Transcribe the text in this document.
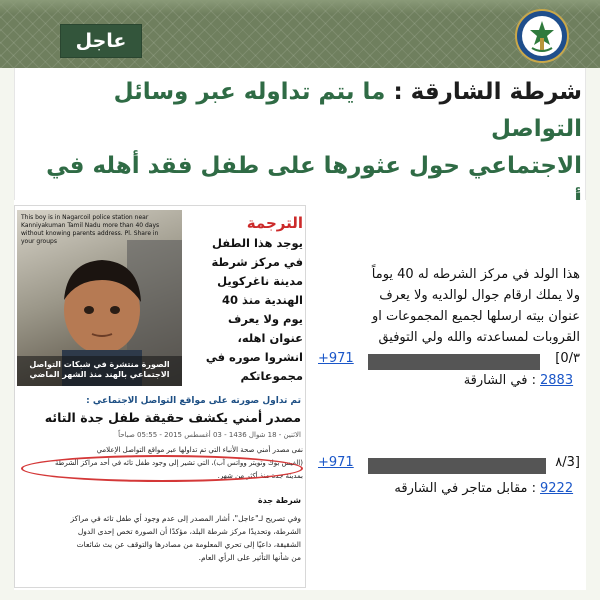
عاجل
شرطة الشارقة : ما يتم تداوله عبر وسائل التواصل
الاجتماعي حول عثورها على طفل فقد أهله في
This boy is in Nagarcoil police station near Kanniyakuman Tamil Nadu more than 40 days without knowing parents address. Pl. Share in your groups
الصورة منتشرة في شبكات التواصل
الاجتماعي بالهند منذ الشهر الماضي
الترجمة
يوجد هذا الطفل
في مركز شرطة
مدينة ناغركويل
الهندية منذ 40
يوم ولا يعرف
عنوان اهله،
انشروا صوره في
مجموعاتكم
تم تداول صورته على مواقع التواصل الاجتماعي :
مصدر أمني يكشف حقيقة طفل جدة التائه
الاثنين - 18 شوال 1436 - 03 أغسطس 2015 - 05:55 صباحاً
نفى مصدر أمني صحة الأنباء التي تم تداولها عبر مواقع التواصل الإعلامي
(الفيس بوك وتويتر وواتس آب)، التي تشير إلى وجود طفل تائه في أحد مراكز الشرطة
بمدينة جدة منذ أكثر من شهر.
شرطة جدة
وفي تصريح لـ"عاجل"، أشار المصدر إلى عدم وجود أي طفل تائه في مراكز
الشرطة، وتحديدًا مركز شرطة البلد، مؤكدًا أن الصورة تخص إحدى الدول
الشقيقة، داعيًا إلى تحري المعلومة من مصادرها والتوقف عن بث شائعات
من شأنها التأثير على الرأي العام.
هذا الولد في مركز الشرطه له 40 يوماً
ولا يملك ارقام جوال لوالديه ولا يعرف
عنوان بيته ارسلها لجميع المجموعات او
القروبات لمساعدته والله ولي التوفيق
+971	٣/0]
2883
: في الشارقة
+971	[3/٨
9222
: مقابل متاجر في الشارقه
